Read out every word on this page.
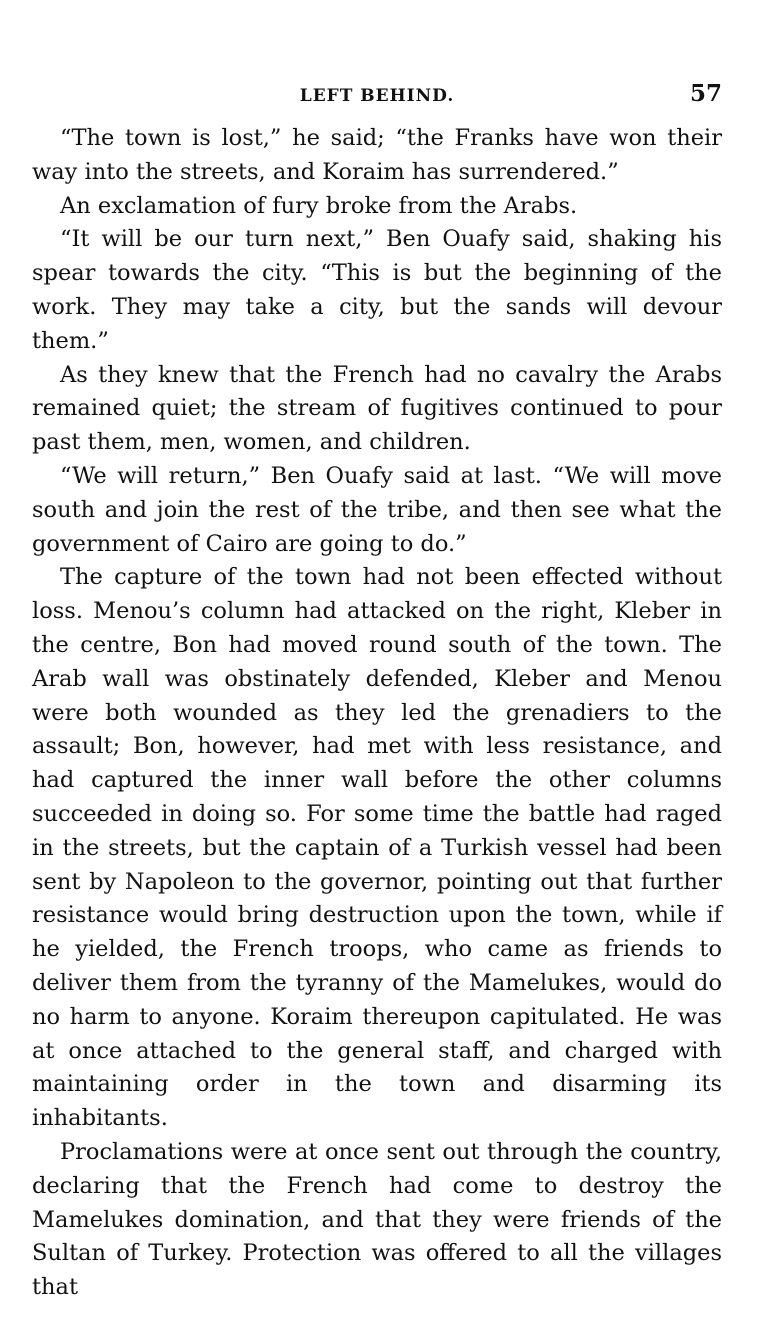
LEFT BEHIND.	57

“The town is lost,” he said; “the Franks have won their way into the streets, and Koraim has surrendered.”

An exclamation of fury broke from the Arabs.

“It will be our turn next,” Ben Ouafy said, shaking his spear towards the city. “This is but the beginning of the work. They may take a city, but the sands will devour them.”

As they knew that the French had no cavalry the Arabs remained quiet; the stream of fugitives continued to pour past them, men, women, and children.

“We will return,” Ben Ouafy said at last. “We will move south and join the rest of the tribe, and then see what the government of Cairo are going to do.”

The capture of the town had not been effected without loss. Menou’s column had attacked on the right, Kleber in the centre, Bon had moved round south of the town. The Arab wall was obstinately defended, Kleber and Menou were both wounded as they led the grenadiers to the assault; Bon, however, had met with less resistance, and had captured the inner wall before the other columns succeeded in doing so. For some time the battle had raged in the streets, but the captain of a Turkish vessel had been sent by Napoleon to the governor, pointing out that further resistance would bring destruction upon the town, while if he yielded, the French troops, who came as friends to deliver them from the tyranny of the Mamelukes, would do no harm to anyone. Koraim thereupon capitulated. He was at once attached to the general staff, and charged with maintaining order in the town and disarming its inhabitants.

Proclamations were at once sent out through the country, declaring that the French had come to destroy the Mamelukes domination, and that they were friends of the Sultan of Turkey. Protection was offered to all the villages that
